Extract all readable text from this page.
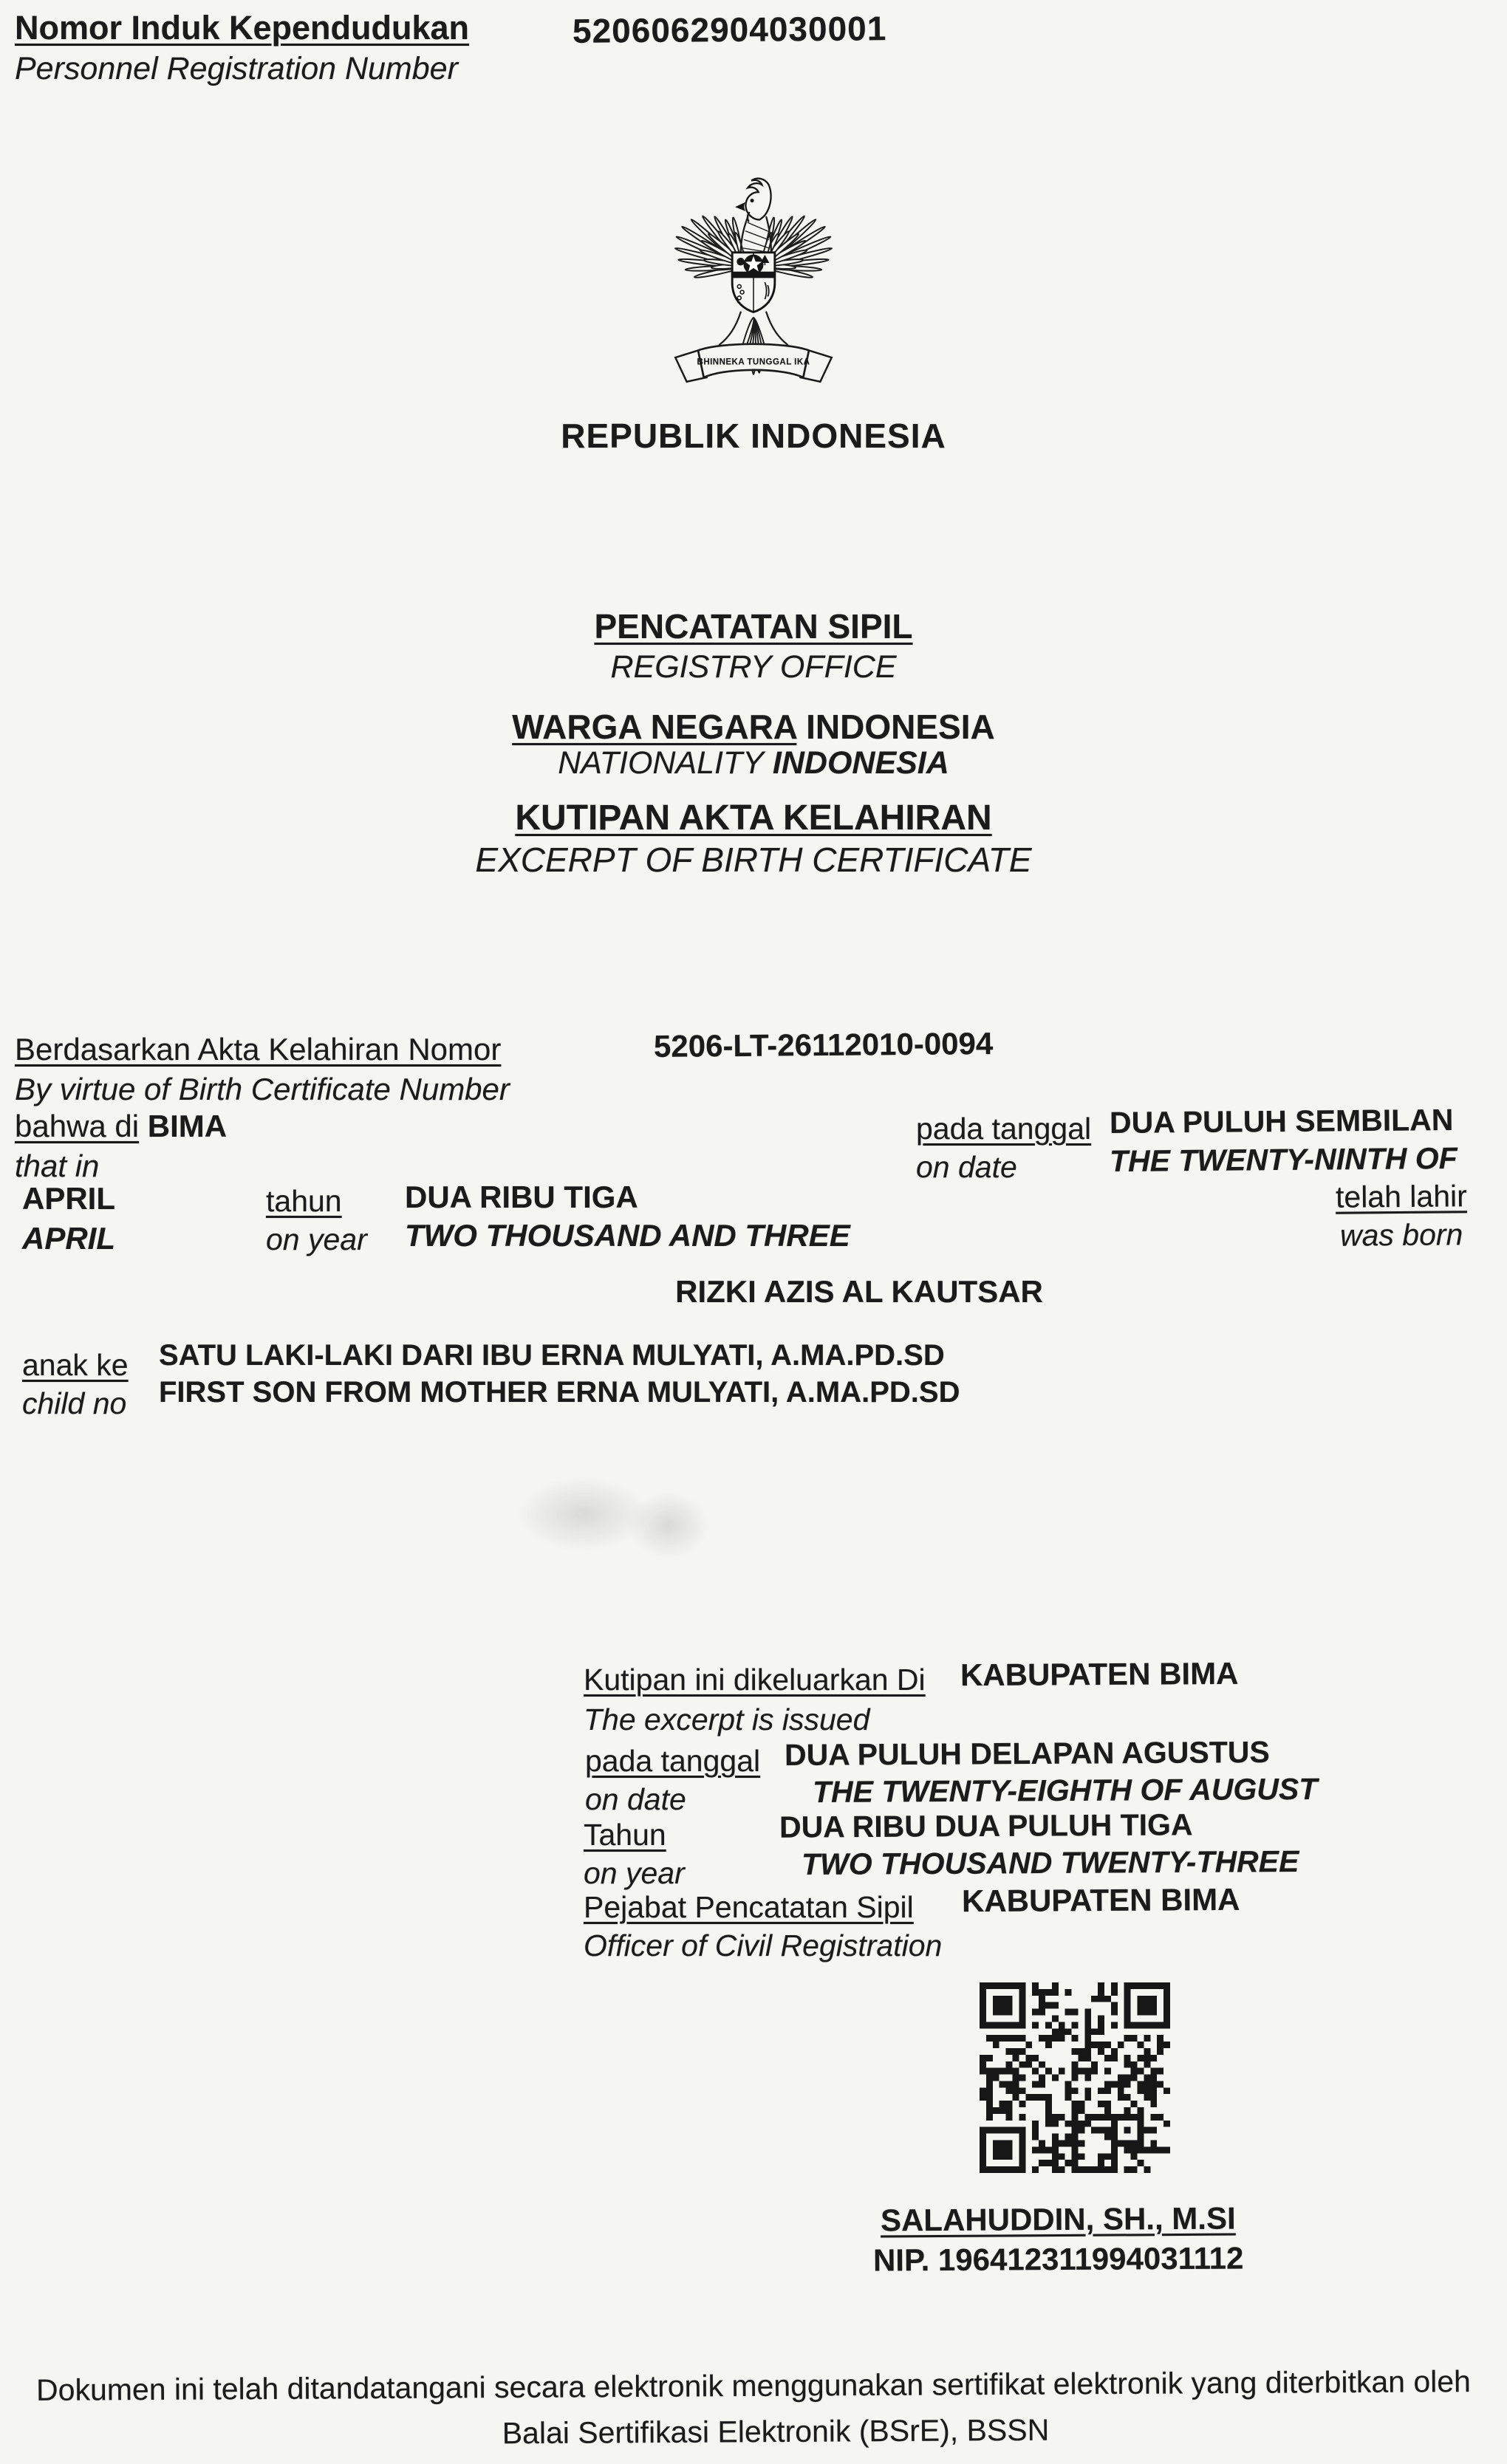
Nomor Induk Kependudukan
Personnel Registration Number
5206062904030001
BHINNEKA TUNGGAL IKA
REPUBLIK INDONESIA
PENCATATAN SIPIL
REGISTRY OFFICE
WARGA NEGARA INDONESIA
NATIONALITY INDONESIA
KUTIPAN AKTA KELAHIRAN
EXCERPT OF BIRTH CERTIFICATE
Berdasarkan Akta Kelahiran Nomor
By virtue of Birth Certificate Number
5206-LT-26112010-0094
bahwa di BIMA
that in
pada tanggal
on date
DUA PULUH SEMBILAN
THE TWENTY-NINTH OF
APRIL
APRIL
tahun
on year
DUA RIBU TIGA
TWO THOUSAND AND THREE
telah lahir
was born
RIZKI AZIS AL KAUTSAR
anak ke
child no
SATU LAKI-LAKI DARI IBU ERNA MULYATI, A.MA.PD.SD
FIRST SON FROM MOTHER ERNA MULYATI, A.MA.PD.SD
Kutipan ini dikeluarkan Di KABUPATEN BIMA
The excerpt is issued
pada tanggal DUA PULUH DELAPAN AGUSTUS
on date	THE TWENTY-EIGHTH OF AUGUST
Tahun	DUA RIBU DUA PULUH TIGA
on year	TWO THOUSAND TWENTY-THREE
Pejabat Pencatatan Sipil KABUPATEN BIMA
Officer of Civil Registration
SALAHUDDIN, SH., M.SI
NIP. 196412311994031112
Dokumen ini telah ditandatangani secara elektronik menggunakan sertifikat elektronik yang diterbitkan oleh
Balai Sertifikasi Elektronik (BSrE), BSSN
